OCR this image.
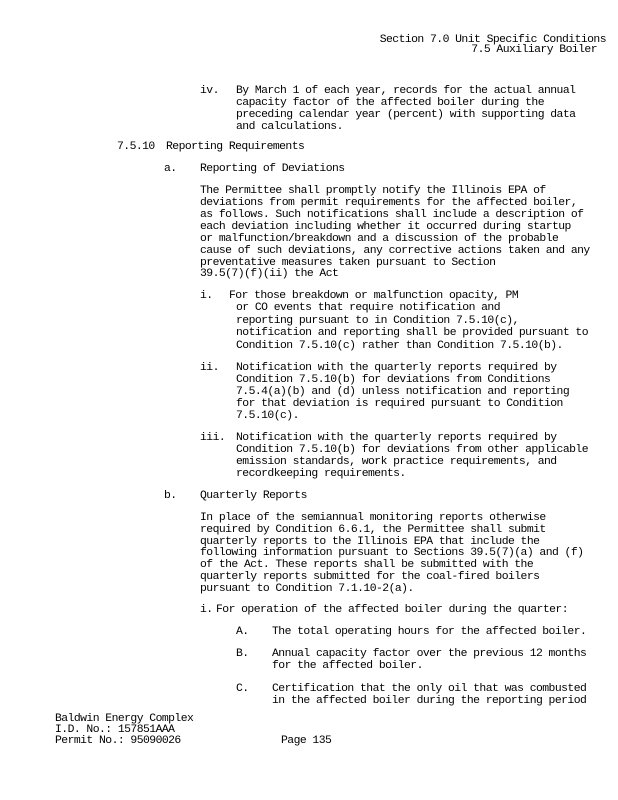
Section 7.0 Unit Specific Conditions
7.5 Auxiliary Boiler
iv. By March 1 of each year, records for the actual annual
capacity factor of the affected boiler during the
preceding calendar year (percent) with supporting data
and calculations.
7.5.10 Reporting Requirements
a. Reporting of Deviations
The Permittee shall promptly notify the Illinois EPA of
deviations from permit requirements for the affected boiler,
as follows. Such notifications shall include a description of
each deviation including whether it occurred during startup
or malfunction/breakdown and a discussion of the probable
cause of such deviations, any corrective actions taken and any
preventative measures taken pursuant to Section
39.5(7)(f)(ii) the Act
i. For those breakdown or malfunction opacity, PM
or CO events that require notification and
reporting pursuant to in Condition 7.5.10(c),
notification and reporting shall be provided pursuant to
Condition 7.5.10(c) rather than Condition 7.5.10(b).
ii. Notification with the quarterly reports required by
Condition 7.5.10(b) for deviations from Conditions
7.5.4(a)(b) and (d) unless notification and reporting
for that deviation is required pursuant to Condition
7.5.10(c).
iii. Notification with the quarterly reports required by
Condition 7.5.10(b) for deviations from other applicable
emission standards, work practice requirements, and
recordkeeping requirements.
b. Quarterly Reports
In place of the semiannual monitoring reports otherwise
required by Condition 6.6.1, the Permittee shall submit
quarterly reports to the Illinois EPA that include the
following information pursuant to Sections 39.5(7)(a) and (f)
of the Act. These reports shall be submitted with the
quarterly reports submitted for the coal-fired boilers
pursuant to Condition 7.1.10-2(a).
i. For operation of the affected boiler during the quarter:
A. The total operating hours for the affected boiler.
B. Annual capacity factor over the previous 12 months
for the affected boiler.
C. Certification that the only oil that was combusted
in the affected boiler during the reporting period
Baldwin Energy Complex
I.D. No.: 157851AAA
Permit No.: 95090026	Page 135
